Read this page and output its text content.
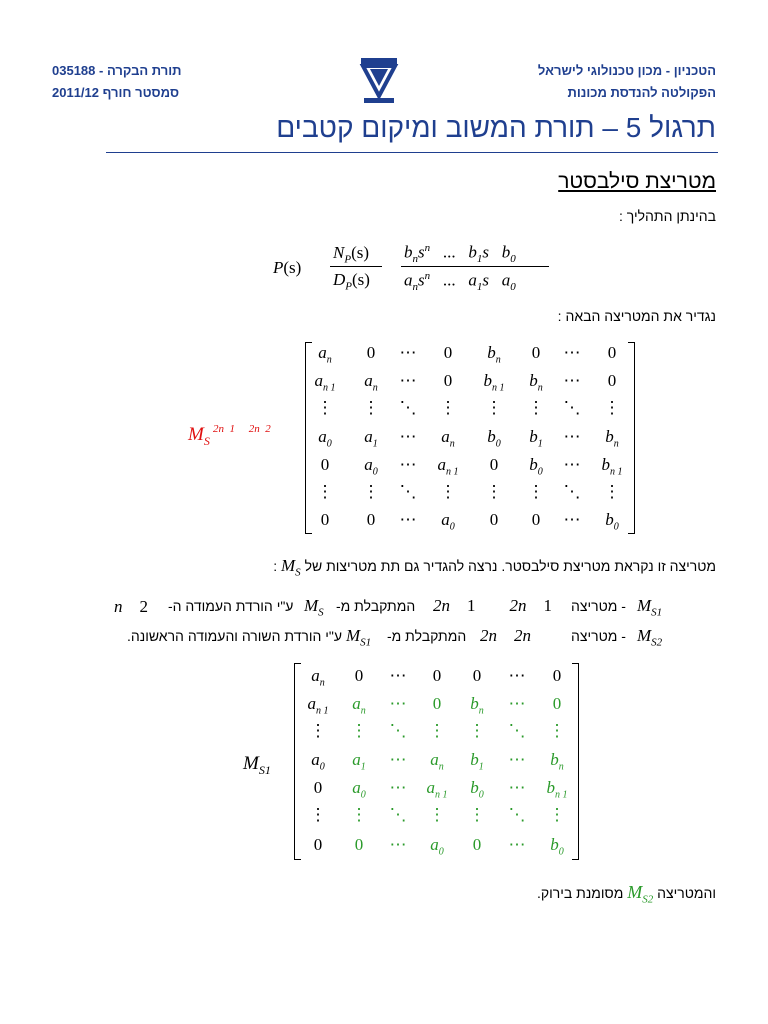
תורת הבקרה - 035188
סמסטר חורף 2011/12
הטכניון - מכון טכנולוגי לישראל
הפקולטה להנדסת מכונות
תרגול 5 – תורת המשוב ומיקום קטבים
מטריצת סילבסטר
בהינתן התהליך :
P(s)
$N_P(s)$
$D_P(s)$
$b_ns^n$ ...   $b_1s$   $b_0$
$a_ns^n$ ...   $a_1s$   $a_0$
נגדיר את המטריצה הבאה :
$M_S$
2n  1     2n  2
$a_n$ 0 ⋯ 0 $b_n$ 0 ⋯ 0
$a_{n 1}$ $a_n$ ⋯ 0 $b_{n 1}$ $b_n$ ⋯ 0
⋮ ⋮ ⋱ ⋮ ⋮ ⋮ ⋱ ⋮
$a_0$ $a_1$ ⋯ $a_n$ $b_0$ $b_1$ ⋯ $b_n$
0 $a_0$ ⋯ $a_{n 1}$ 0 $b_0$ ⋯ $b_{n 1}$
⋮ ⋮ ⋱ ⋮ ⋮ ⋮ ⋱ ⋮
0 0 ⋯ $a_0$ 0 0 ⋯ $b_0$
מטריצה זו נקראת מטריצת סילבסטר. נרצה להגדיר גם תת מטריצות של $M_S$ :
n    2 ע"י הורדת העמודה ה- $M_S$ המתקבלת מ- 2n    1        2n    1 - מטריצה $M_{S1}$
ע"י הורדת השורה והעמודה הראשונה. $M_{S1}$ המתקבלת מ- 2n    2n	- מטריצה $M_{S2}$
$M_{S1}$
$a_n$ 0 ⋯ 0 0 ⋯ 0
$a_{n 1}$ $a_n$ ⋯ 0 $b_n$ ⋯ 0
⋮ ⋮ ⋱ ⋮ ⋮ ⋱ ⋮
$a_0$ $a_1$ ⋯ $a_n$ $b_1$ ⋯ $b_n$
0 $a_0$ ⋯ $a_{n 1}$ $b_0$ ⋯ $b_{n 1}$
⋮ ⋮ ⋱ ⋮ ⋮ ⋱ ⋮
0 0 ⋯ $a_0$ 0 ⋯ $b_0$
והמטריצה $M_{S2}$ מסומנת בירוק.
